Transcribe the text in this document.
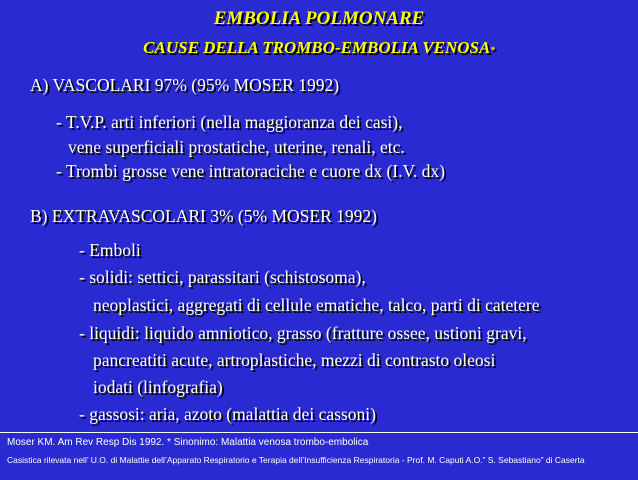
EMBOLIA POLMONARE
CAUSE DELLA TROMBO-EMBOLIA VENOSA*
A) VASCOLARI 97% (95% MOSER 1992)
- T.V.P. arti inferiori (nella maggioranza dei casi),
vene superficiali prostatiche, uterine, renali, etc.
- Trombi grosse vene intratoraciche e cuore dx (I.V. dx)
B) EXTRAVASCOLARI 3% (5% MOSER 1992)
- Emboli
- solidi: settici, parassitari (schistosoma),
neoplastici, aggregati di cellule ematiche, talco, parti di catetere
- liquidi: liquido amniotico, grasso (fratture ossee, ustioni gravi,
pancreatiti acute, artroplastiche, mezzi di contrasto oleosi
iodati (linfografia)
- gassosi: aria, azoto (malattia dei cassoni)
Moser KM. Am Rev Resp Dis 1992. * Sinonimo: Malattia venosa trombo-embolica
Casistica rilevata nell’ U.O. di Malattie dell’Apparato Respiratorio e Terapia dell’Insufficienza Respiratoria - Prof. M. Caputi A.O.” S. Sebastiano” di Caserta
